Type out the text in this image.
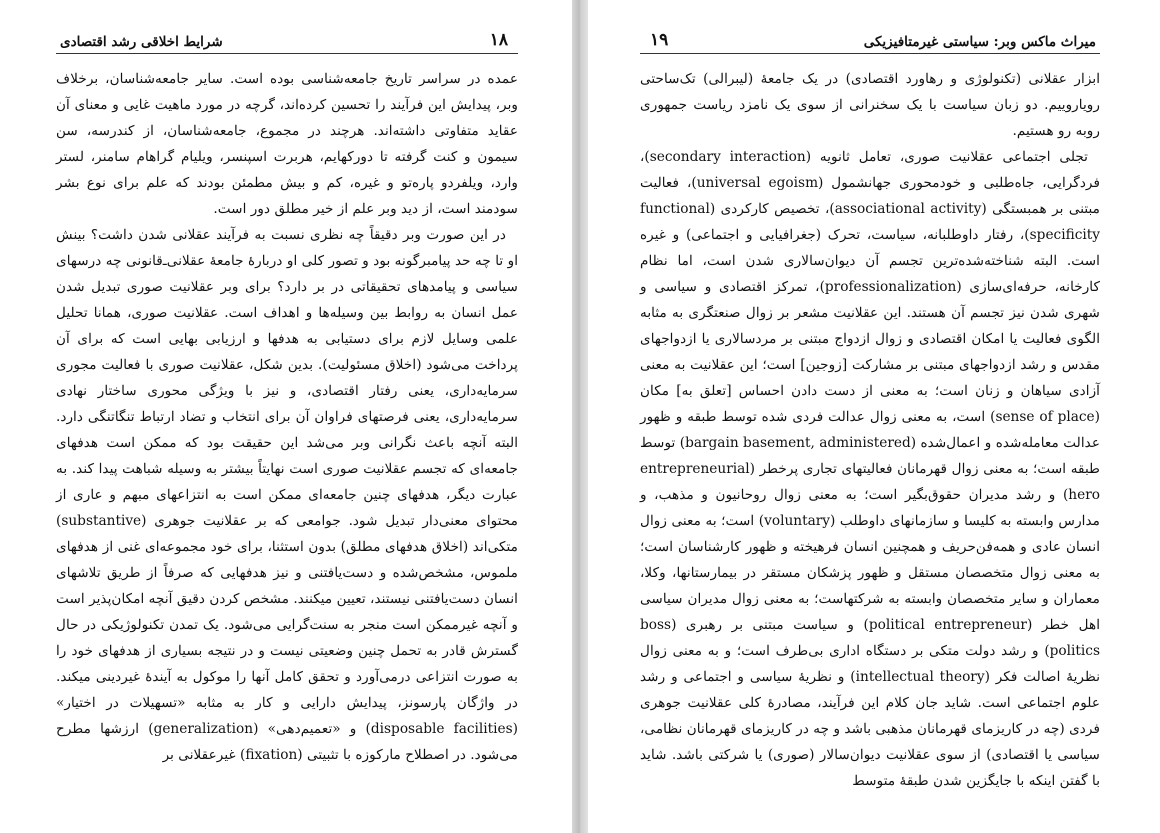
۱۸
شرایط اخلاقی رشد اقتصادی

عمده در سراسر تاریخ جامعه‌شناسی بوده است. سایر جامعه‌شناسان، برخلاف وبر، پیدایش این فرآیند را تحسین کرده‌اند، گرچه در مورد ماهیت غایی و معنای آن عقاید متفاوتی داشته‌اند. هرچند در مجموع، جامعه‌شناسان، از کندرسه، سن سیمون و کنت گرفته تا دورکهایم، هربرت اسپنسر، ویلیام گراهام سامنر، لستر وارد، ویلفردو پارەتو و غیره، کم و بیش مطمئن بودند که علم برای نوع بشر سودمند است، از دید وبر علم از خیر مطلق دور است.

در این صورت وبر دقیقاً چه نظری نسبت به فرآیند عقلانی شدن داشت؟ بینش او تا چه حد پیامبرگونه بود و تصور کلی او دربارۀ جامعۀ عقلانی‌ـ‌قانونی چه درسهای سیاسی و پیامدهای تحقیقاتی در بر دارد؟ برای وبر عقلانیت صوری تبدیل شدن عمل انسان به روابط بین وسیله‌ها و اهداف است. عقلانیت صوری، همانا تحلیل علمی وسایل لازم برای دستیابی به هدفها و ارزیابی بهایی است که برای آن پرداخت می‌شود (اخلاق مسئولیت). بدین شکل، عقلانیت صوری با فعالیت مجوری سرمایه‌داری، یعنی رفتار اقتصادی، و نیز با ویژگی محوری ساختار نهادی سرمایه‌داری، یعنی فرصتهای فراوان آن برای انتخاب و تضاد ارتباط تنگاتنگی دارد. البته آنچه باعث نگرانی وبر می‌شد این حقیقت بود که ممکن است هدفهای جامعه‌ای که تجسم عقلانیت صوری است نهایتاً بیشتر به وسیله شباهت پیدا کند. به عبارت دیگر، هدفهای چنین جامعه‌ای ممکن است به انتزاعهای مبهم و عاری از محتوای معنی‌دار تبدیل شود. جوامعی که بر عقلانیت جوهری (substantive) متکی‌اند (اخلاق هدفهای مطلق) بدون استثنا، برای خود مجموعه‌ای غنی از هدفهای ملموس، مشخص‌شده و دست‌یافتنی و نیز هدفهایی که صرفاً از طریق تلاشهای انسان دست‌یافتنی نیستند، تعیین میکنند. مشخص کردن دقیق آنچه امکان‌پذیر است و آنچه غیرممکن است منجر به سنت‌گرایی می‌شود. یک تمدن تکنولوژیکی در حال گسترش قادر به تحمل چنین وضعیتی نیست و در نتیجه بسیاری از هدفهای خود را به صورت انتزاعی درمی‌آورد و تحقق کامل آنها را موکول به آیندۀ غیردینی میکند. در واژگان پارسونز، پیدایش دارایی و کار به مثابه «تسهیلات در اختیار» (disposable facilities) و «تعمیم‌دهی» (generalization) ارزشها مطرح می‌شود. در اصطلاح مارکوزه با تثبیتی (fixation) غیرعقلانی بر

میراث ماکس وبر: سیاستی غیرمتافیزیکی
۱۹

ابزار عقلانی (تکنولوژی و رهاورد اقتصادی) در یک جامعۀ (لیبرالی) تک‌ساحتی رویاروییم. دو زبان سیاست با یک سخنرانی از سوی یک نامزد ریاست جمهوری روبه رو هستیم.

تجلی اجتماعی عقلانیت صوری، تعامل ثانویه (secondary interaction)، فردگرایی، جاه‌طلبی و خودمحوری جهانشمول (universal egoism)، فعالیت مبتنی بر همبستگی (associational activity)، تخصیص کارکردی (functional specificity)، رفتار داوطلبانه، سیاست، تحرک (جغرافیایی و اجتماعی) و غیره است. البته شناخته‌شده‌ترین تجسم آن دیوان‌سالاری شدن است، اما نظام کارخانه، حرفه‌ای‌سازی (professionalization)، تمرکز اقتصادی و سیاسی و شهری شدن نیز تجسم آن هستند. این عقلانیت مشعر بر زوال صنعتگری به مثابه الگوی فعالیت یا امکان اقتصادی و زوال ازدواج مبتنی بر مردسالاری یا ازدواجهای مقدس و رشد ازدواجهای مبتنی بر مشارکت [زوجین] است؛ این عقلانیت به معنی آزادی سیاهان و زنان است؛ به معنی از دست دادن احساس [تعلق به] مکان (sense of place) است، به معنی زوال عدالت فردی شده توسط طبقه و ظهور عدالت معامله‌شده و اعمال‌شده (bargain basement, administered) توسط طبقه است؛ به معنی زوال قهرمانان فعالیتهای تجاری پرخطر (entrepreneurial hero) و رشد مدیران حقوق‌بگیر است؛ به معنی زوال روحانیون و مذهب، و مدارس وابسته به کلیسا و سازمانهای داوطلب (voluntary) است؛ به معنی زوال انسان عادی و همه‌فن‌حریف و همچنین انسان فرهیخته و ظهور کارشناسان است؛ به معنی زوال متخصصان مستقل و ظهور پزشکان مستقر در بیمارستانها، وکلا، معماران و سایر متخصصان وابسته به شرکتهاست؛ به معنی زوال مدیران سیاسی اهل خطر (political entrepreneur) و سیاست مبتنی بر رهبری (boss politics) و رشد دولت متکی بر دستگاه اداری بی‌طرف است؛ و به معنی زوال نظریۀ اصالت فکر (intellectual theory) و نظریۀ سیاسی و اجتماعی و رشد علوم اجتماعی است. شاید جان کلام این فرآیند، مصادرۀ کلی عقلانیت جوهری فردی (چه در کاریزمای قهرمانان مذهبی باشد و چه در کاریزمای قهرمانان نظامی، سیاسی یا اقتصادی) از سوی عقلانیت دیوان‌سالار (صوری) یا شرکتی باشد. شاید با گفتن اینکه با جایگزین شدن طبقۀ متوسط
